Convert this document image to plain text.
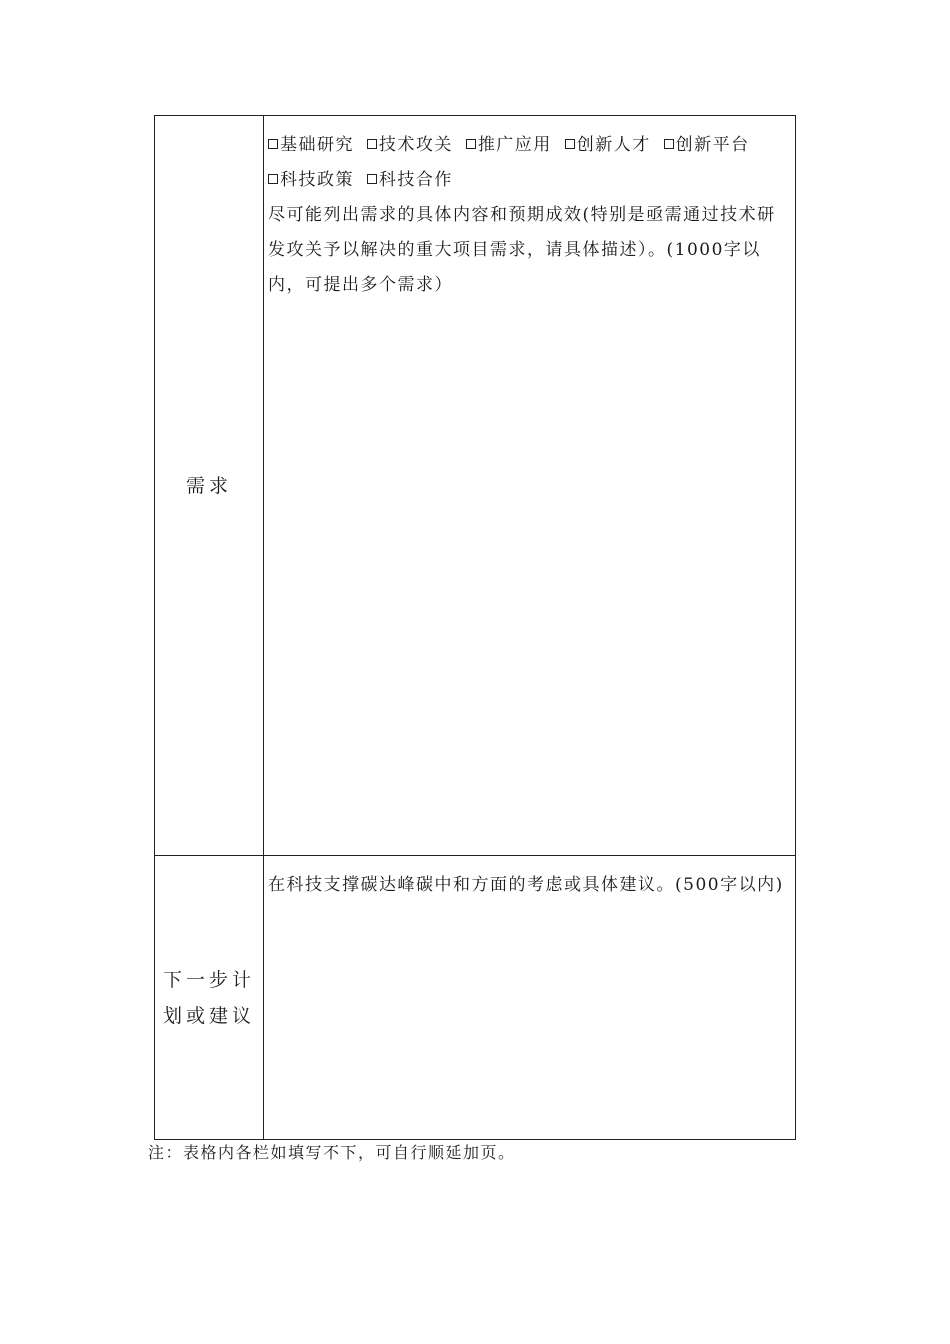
需求
基础研究 技术攻关 推广应用 创新人才 创新平台
科技政策 科技合作
尽可能列出需求的具体内容和预期成效(特别是亟需通过技术研发攻关予以解决的重大项目需求，请具体描述）。(1000字以内，可提出多个需求）
下一步计划或建议
在科技支撑碳达峰碳中和方面的考虑或具体建议。(500字以内)
注：表格内各栏如填写不下，可自行顺延加页。
